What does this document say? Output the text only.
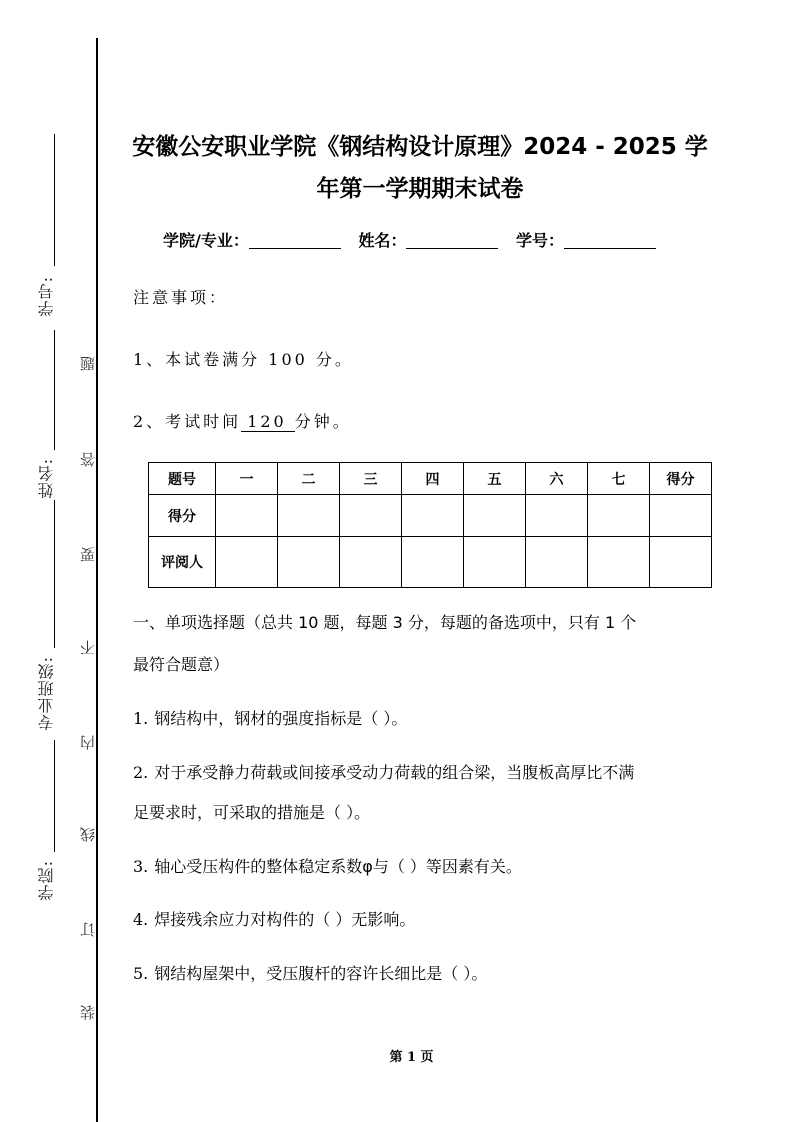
题
答
要
不
内
线
订
装
学号:
姓名:
专业班级:
学院:
安徽公安职业学院《钢结构设计原理》2024 - 2025 学
年第一学期期末试卷
学院/专业：	姓名：	学号：
注意事项：
1、本试卷满分 100 分。
2、考试时间 120 分钟。
题号	一	二	三	四	五	六	七	得分
得分								
评阅人								
一、单项选择题（总共 10 题，每题 3 分，每题的备选项中，只有 1 个
最符合题意）
1. 钢结构中，钢材的强度指标是（ ）。
2. 对于承受静力荷载或间接承受动力荷载的组合梁，当腹板高厚比不满
足要求时，可采取的措施是（ ）。
3. 轴心受压构件的整体稳定系数φ与（ ）等因素有关。
4. 焊接残余应力对构件的（ ）无影响。
5. 钢结构屋架中，受压腹杆的容许长细比是（ ）。
第 1 页
